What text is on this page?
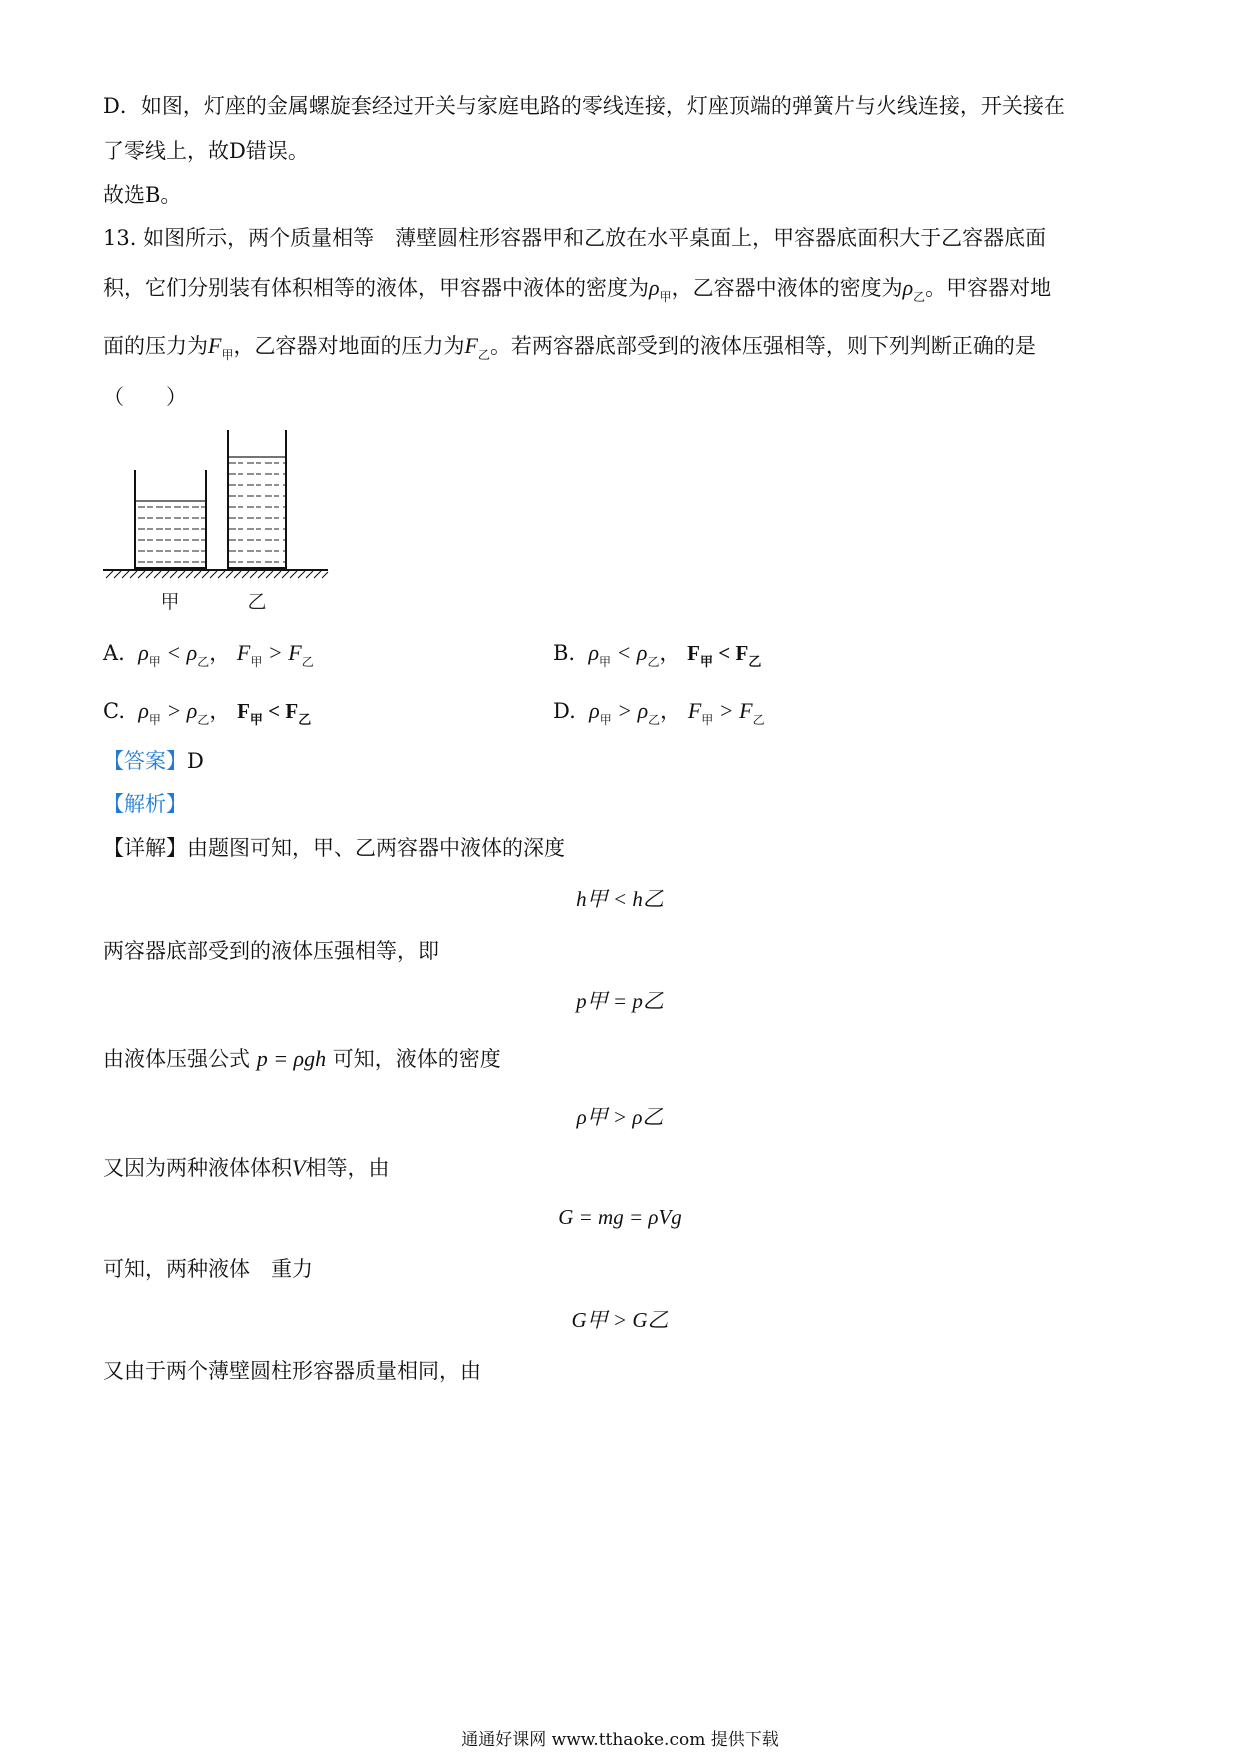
D．如图，灯座的金属螺旋套经过开关与家庭电路的零线连接，灯座顶端的弹簧片与火线连接，开关接在
了零线上，故D错误。
故选B。
13. 如图所示，两个质量相等　薄壁圆柱形容器甲和乙放在水平桌面上，甲容器底面积大于乙容器底面
积，它们分别装有体积相等的液体，甲容器中液体的密度为$\rho_甲$，乙容器中液体的密度为$\rho_乙$。甲容器对地
面的压力为$F_甲$，乙容器对地面的压力为$F_乙$。若两容器底部受到的液体压强相等，则下列判断正确的是
（　　）
甲	乙
A. $\rho_甲 < \rho_乙$， $F_甲 > F_乙$	B. $\rho_甲 < \rho_乙$， $F_甲 < F_乙$
C. $\rho_甲 > \rho_乙$， $F_甲 < F_乙$	D. $\rho_甲 > \rho_乙$， $F_甲 > F_乙$
【答案】D
【解析】
【详解】由题图可知，甲、乙两容器中液体的深度
h甲 < h乙
两容器底部受到的液体压强相等，即
p甲 = p乙
由液体压强公式 p = ρgh 可知，液体的密度
ρ甲 > ρ乙
又因为两种液体体积V相等，由
G = mg = ρVg
可知，两种液体　重力
G甲 > G乙
又由于两个薄壁圆柱形容器质量相同，由
通通好课网 www.tthaoke.com 提供下载
